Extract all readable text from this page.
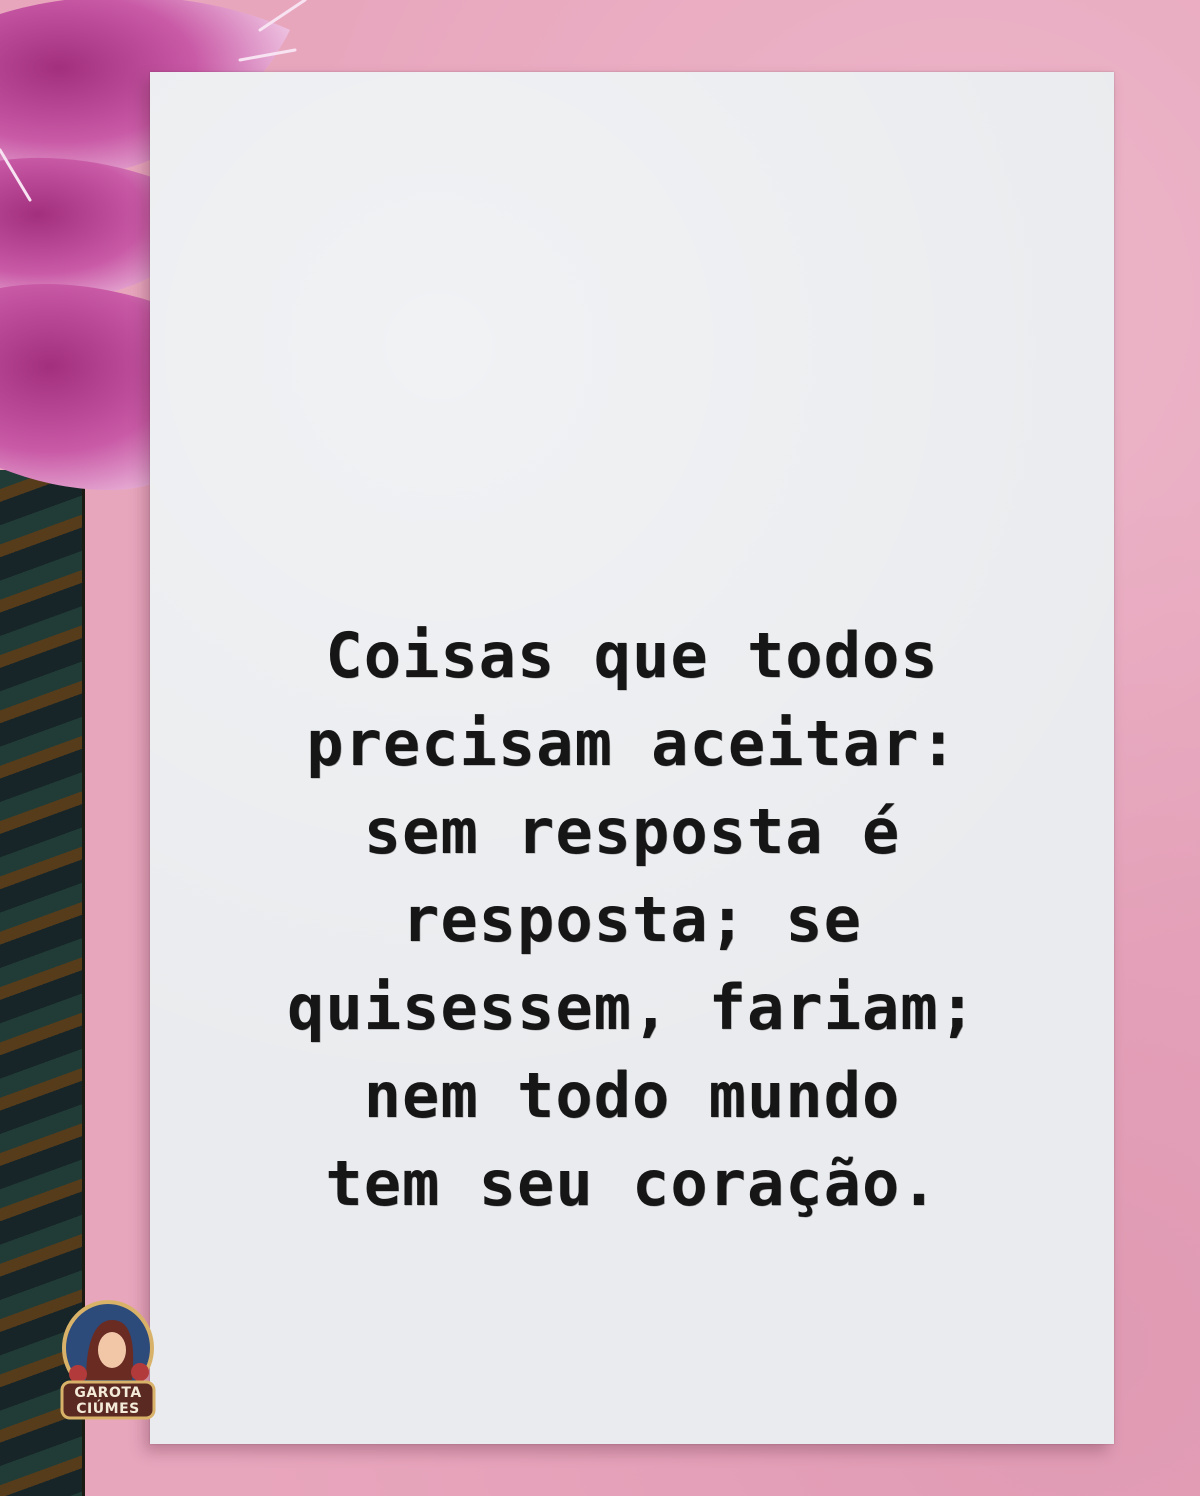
Coisas que todos
precisam aceitar:
sem resposta é
resposta; se
quisessem, fariam;
nem todo mundo
tem seu coração.

GAROTA
CIÚMES
